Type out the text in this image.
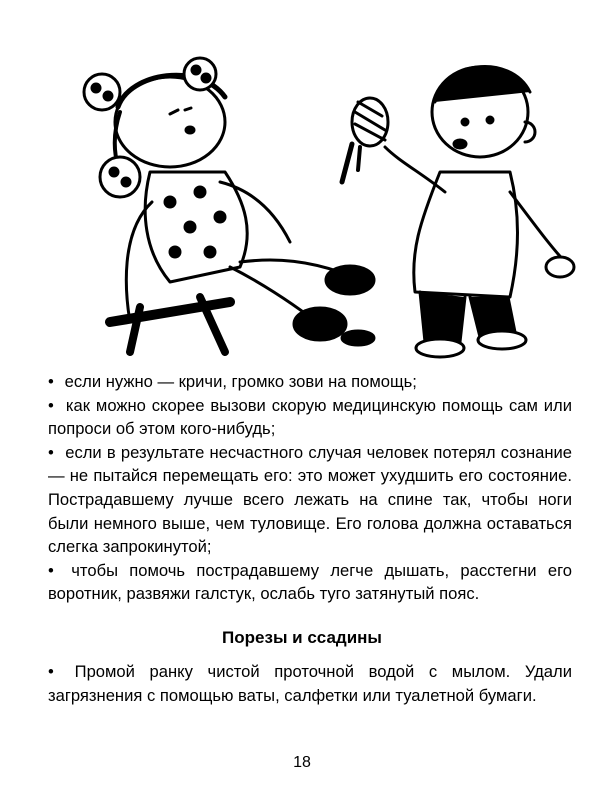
• если нужно — кричи, громко зови на помощь;

• как можно скорее вызови скорую медицинскую помощь сам или попроси об этом кого-нибудь;

• если в результате несчастного случая человек потерял сознание — не пытайся перемещать его: это может ухудшить его состояние. Пострадавшему лучше всего лежать на спине так, чтобы ноги были немного выше, чем туловище. Его голова должна оставаться слегка запрокинутой;

• чтобы помочь пострадавшему легче дышать, расстегни его воротник, развяжи галстук, ослабь туго затянутый пояс.

Порезы и ссадины

• Промой ранку чистой проточной водой с мылом. Удали загрязнения с помощью ваты, салфетки или туалетной бумаги.

18
